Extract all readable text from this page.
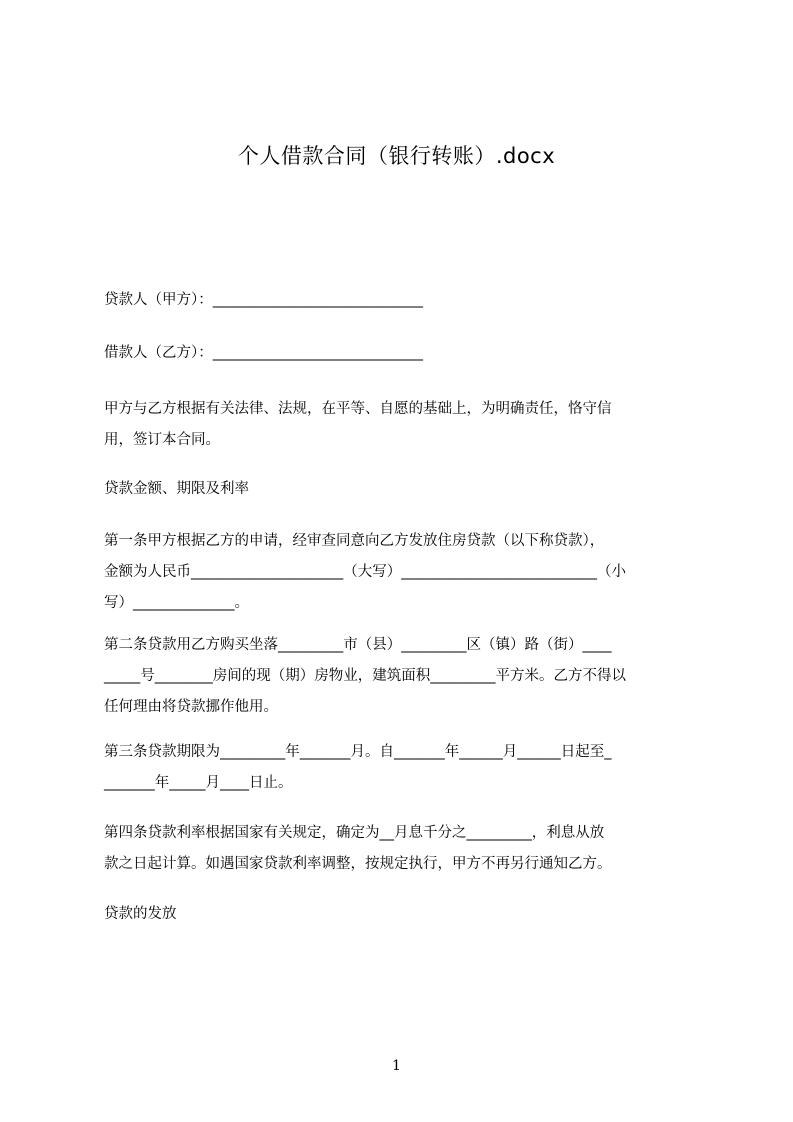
个人借款合同（银行转账）.docx
贷款人（甲方）：_____________________________
借款人（乙方）：_____________________________
甲方与乙方根据有关法律、法规，在平等、自愿的基础上，为明确责任，恪守信
用，签订本合同。
贷款金额、期限及利率
第一条甲方根据乙方的申请，经审查同意向乙方发放住房贷款（以下称贷款），
金额为人民币_____________________（大写）___________________________（小
写）______________。
第二条贷款用乙方购买坐落_________市（县）_________区（镇）路（街）____
_____号________房间的现（期）房物业，建筑面积_________平方米。乙方不得以
任何理由将贷款挪作他用。
第三条贷款期限为_________年_______月。自_______年______月______日起至_
_______年_____月____日止。
第四条贷款利率根据国家有关规定，确定为__月息千分之_________，利息从放
款之日起计算。如遇国家贷款利率调整，按规定执行，甲方不再另行通知乙方。
贷款的发放
1
